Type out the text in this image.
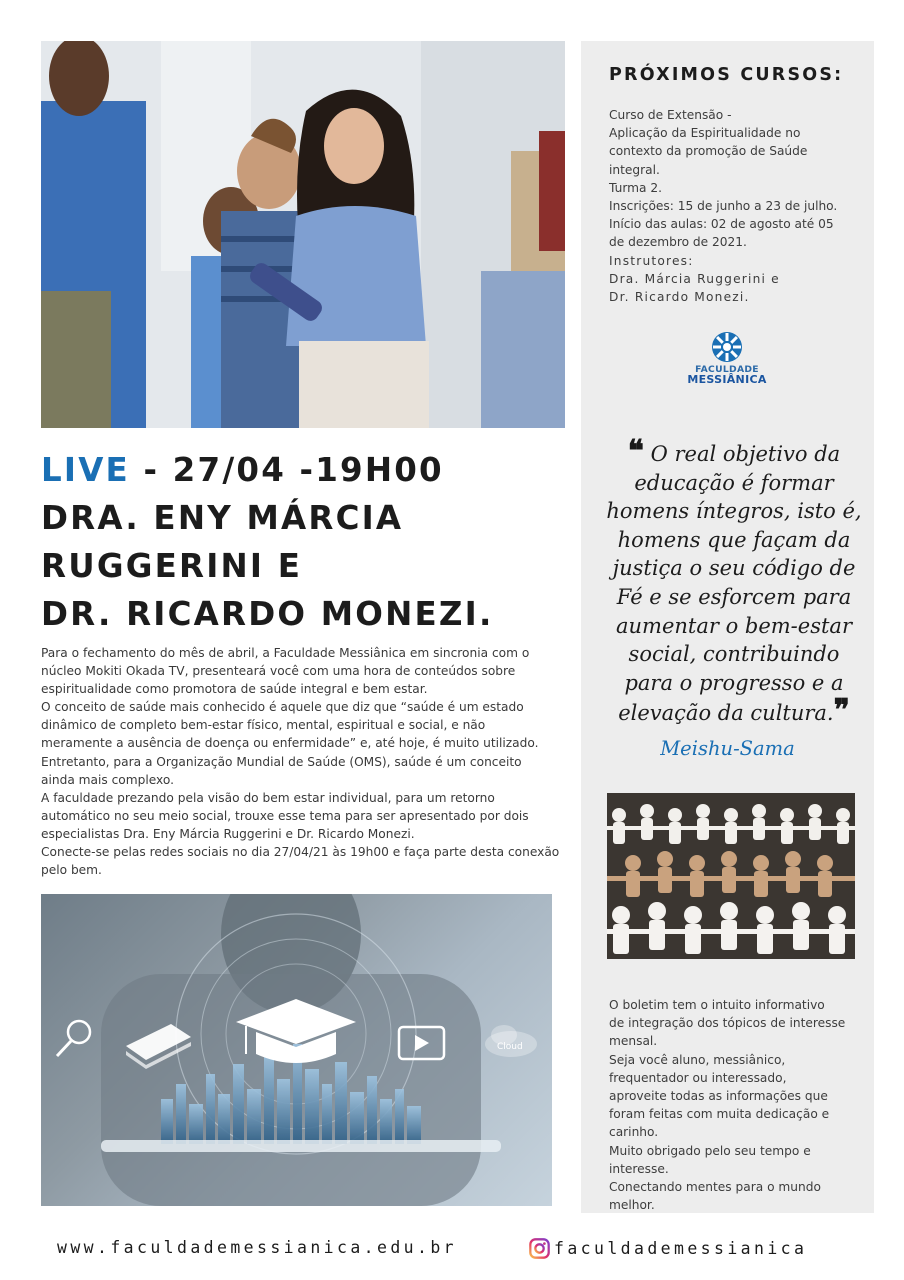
LIVE - 27/04 -19H00
DRA. ENY MÁRCIA
RUGGERINI E
DR. RICARDO MONEZI.
Para o fechamento do mês de abril, a Faculdade Messiânica em sincronia com o
núcleo Mokiti Okada TV, presenteará você com uma hora de conteúdos sobre
espiritualidade como promotora de saúde integral e bem estar.
O conceito de saúde mais conhecido é aquele que diz que “saúde é um estado
dinâmico de completo bem-estar físico, mental, espiritual e social, e não
meramente a ausência de doença ou enfermidade” e, até hoje, é muito utilizado.
Entretanto, para a Organização Mundial de Saúde (OMS), saúde é um conceito
ainda mais complexo.
A faculdade prezando pela visão do bem estar individual, para um retorno
automático no seu meio social, trouxe esse tema para ser apresentado por dois
especialistas Dra. Eny Márcia Ruggerini e Dr. Ricardo Monezi.
Conecte-se pelas redes sociais no dia 27/04/21 às 19h00 e faça parte desta conexão
pelo bem.
Cloud
PRÓXIMOS CURSOS:
Curso de Extensão -
Aplicação da Espiritualidade no
contexto da promoção de Saúde
integral.
Turma 2.
Inscrições: 15 de junho a 23 de julho.
Início das aulas: 02 de agosto até 05
de dezembro de 2021.
Instrutores:
Dra. Márcia Ruggerini e
Dr. Ricardo Monezi.
FACULDADE
MESSIÂNICA
❝ O real objetivo da
educação é formar
homens íntegros, isto é,
homens que façam da
justiça o seu código de
Fé e se esforcem para
aumentar o bem-estar
social, contribuindo
para o progresso e a
elevação da cultura.❞
Meishu-Sama
O boletim tem o intuito informativo
de integração dos tópicos de interesse
mensal.
Seja você aluno, messiânico,
frequentador ou interessado,
aproveite todas as informações que
foram feitas com muita dedicação e
carinho.
Muito obrigado pelo seu tempo e
interesse.
Conectando mentes para o mundo
melhor.
www.faculdademessianica.edu.br	faculdademessianica
